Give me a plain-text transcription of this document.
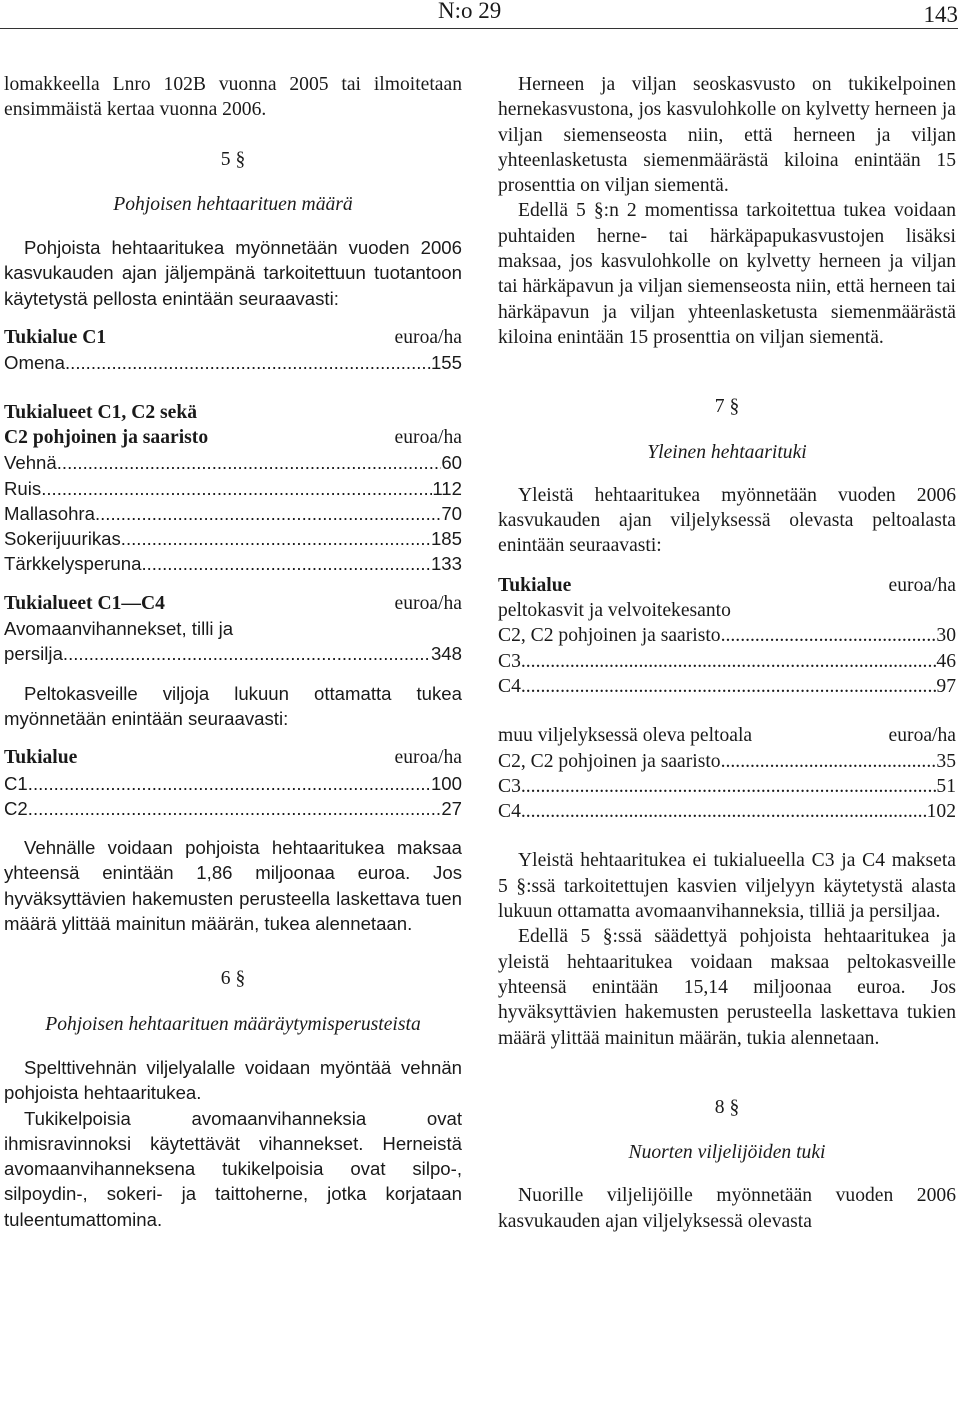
N:o 29	143

lomakkeella Lnro 102B vuonna 2005 tai ilmoitetaan ensimmäistä kertaa vuonna 2006.

5 §
Pohjoisen hehtaarituen määrä

Pohjoista hehtaaritukea myönnetään vuoden 2006 kasvukauden ajan jäljempänä tarkoitettuun tuotantoon käytetystä pellosta enintään seuraavasti:

Tukialue C1	euroa/ha
Omena .....	155
Tukialueet C1, C2 sekä
C2 pohjoinen ja saaristo	euroa/ha
Vehnä .....	60
Ruis .....	112
Mallasohra .....	70
Sokerijuurikas .....	185
Tärkkelysperuna .....	133
Tukialueet C1—C4	euroa/ha
Avomaanvihannekset, tilli ja
persilja .....	348

Peltokasveille viljoja lukuun ottamatta tukea myönnetään enintään seuraavasti:

Tukialue	euroa/ha
C1 .....	100
C2 .....	27

Vehnälle voidaan pohjoista hehtaaritukea maksaa yhteensä enintään 1,86 miljoonaa euroa. Jos hyväksyttävien hakemusten perusteella laskettava tuen määrä ylittää mainitun määrän, tukea alennetaan.

6 §
Pohjoisen hehtaarituen määräytymisperusteista

Spelttivehnän viljelyalalle voidaan myöntää vehnän pohjoista hehtaaritukea.

Tukikelpoisia avomaanvihanneksia ovat ihmisravinnoksi käytettävät vihannekset. Herneistä avomaanvihanneksena tukikelpoisia ovat silpo-, silpoydin-, sokeri- ja taittoherne, jotka korjataan tuleentumattomina.

Herneen ja viljan seoskasvusto on tukikelpoinen hernekasvustona, jos kasvulohkolle on kylvetty herneen ja viljan siemenseosta niin, että herneen ja viljan yhteenlasketusta siemenmäärästä kiloina enintään 15 prosenttia on viljan siementä.

Edellä 5 §:n 2 momentissa tarkoitettua tukea voidaan puhtaiden herne- tai härkäpapukasvustojen lisäksi maksaa, jos kasvulohkolle on kylvetty herneen ja viljan tai härkäpavun ja viljan siemenseosta niin, että herneen tai härkäpavun ja viljan yhteenlasketusta siemenmäärästä kiloina enintään 15 prosenttia on viljan siementä.

7 §
Yleinen hehtaarituki

Yleistä hehtaaritukea myönnetään vuoden 2006 kasvukauden ajan viljelyksessä olevasta peltoalasta enintään seuraavasti:

Tukialue	euroa/ha
peltokasvit ja velvoitekesanto
C2, C2 pohjoinen ja saaristo .....	30
C3 .....	46
C4 .....	97
muu viljelyksessä oleva peltoala	euroa/ha
C2, C2 pohjoinen ja saaristo .....	35
C3 .....	51
C4 .....	102

Yleistä hehtaaritukea ei tukialueella C3 ja C4 makseta 5 §:ssä tarkoitettujen kasvien viljelyyn käytetystä alasta lukuun ottamatta avomaanvihanneksia, tilliä ja persiljaa.

Edellä 5 §:ssä säädettyä pohjoista hehtaaritukea ja yleistä hehtaaritukea voidaan maksaa peltokasveille yhteensä enintään 15,14 miljoonaa euroa. Jos hyväksyttävien hakemusten perusteella laskettava tukien määrä ylittää mainitun määrän, tukia alennetaan.

8 §
Nuorten viljelijöiden tuki

Nuorille viljelijöille myönnetään vuoden 2006 kasvukauden ajan viljelyksessä olevasta
